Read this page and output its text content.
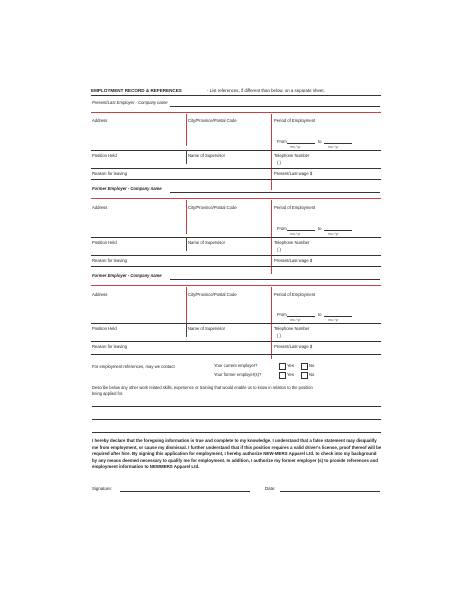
EMPLOYMENT RECORD & REFERENCES	- List references, if different than below, on a separate sheet.
Present/Last Employer - Company name
Address	City/Province/Postal Code	Period of Employment
From	to
mo / yr	mo / yr
Position Held	Name of Supervisor	Telephone Number
( )
Reason for leaving	Present/Last wage $
Former Employer - Company name
Address	City/Province/Postal Code	Period of Employment
From	to
mo / yr	mo / yr
Position Held	Name of Supervisor	Telephone Number
( )
Reason for leaving	Present/Last wage $
Former Employer - Company name
Address	City/Province/Postal Code	Period of Employment
From	to
mo / yr	mo / yr
Position Held	Name of Supervisor	Telephone Number
( )
Reason for leaving	Present/Last wage $
For employment references, may we contact	Your current employer?	Yes	No
Your former employer(s)?	Yes	No
Describe below any other work related skills, experience or training that would enable us to know in relation to the position
being applied for.
I hereby declare that the foregoing information is true and complete to my knowledge. I understand that a false statement may disqualify me from employment, or cause my dismissal. I further understand that if this position requires a valid driver's license, proof thereof will be required after hire. By signing this application for employment, I hereby authorize NEW-MERS Apparel Ltd. to check into my background by any means deemed necessary to qualify me for employment. In addition, I authorize my former employer (s) to provide references and employment information to NEWMERS Apparel Ltd.
Signature:	Date:
